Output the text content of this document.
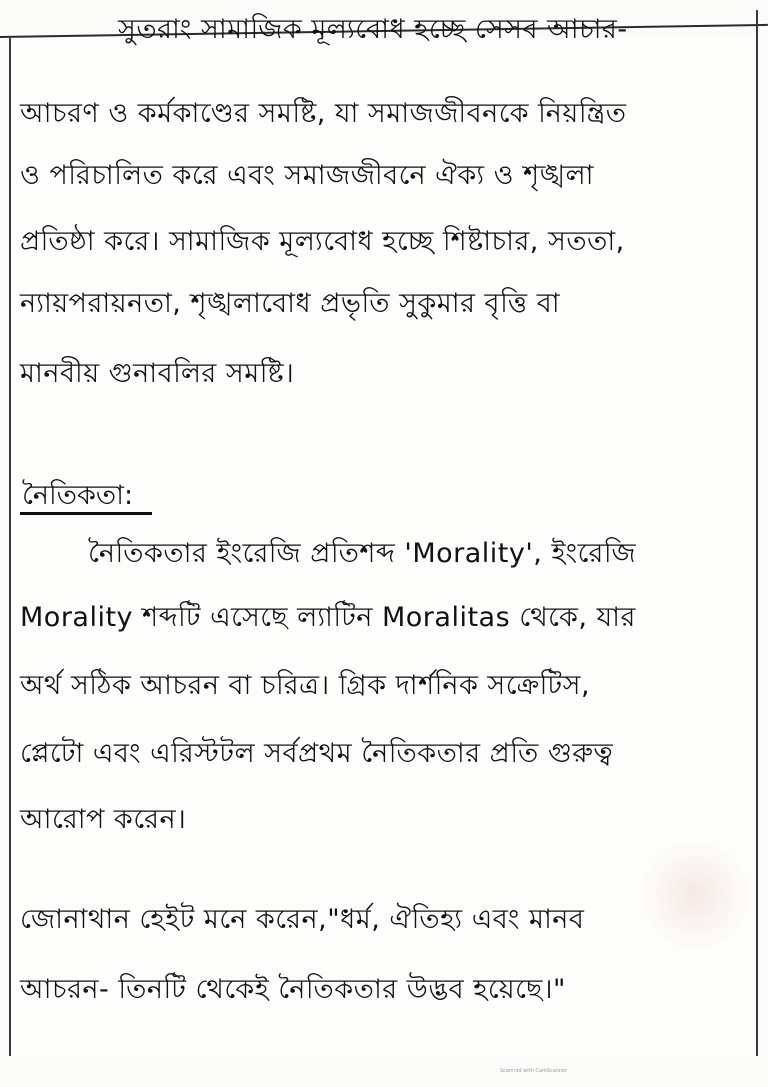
সুতরাং সামাজিক মূল্যবোধ হচ্ছে সেসব আচার-
আচরণ ও কর্মকাণ্ডের সমষ্টি, যা সমাজজীবনকে নিয়ন্ত্রিত
ও পরিচালিত করে এবং সমাজজীবনে ঐক্য ও শৃঙ্খলা
প্রতিষ্ঠা করে। সামাজিক মূল্যবোধ হচ্ছে শিষ্টাচার, সততা,
ন্যায়পরায়নতা, শৃঙ্খলাবোধ প্রভৃতি সুকুমার বৃত্তি বা
মানবীয় গুনাবলির সমষ্টি।
নৈতিকতা:
নৈতিকতার ইংরেজি প্রতিশব্দ 'Morality', ইংরেজি
Morality শব্দটি এসেছে ল্যাটিন Moralitas থেকে, যার
অর্থ সঠিক আচরন বা চরিত্র। গ্রিক দার্শনিক সক্রেটিস,
প্লেটো এবং এরিস্টটল সর্বপ্রথম নৈতিকতার প্রতি গুরুত্ব
আরোপ করেন।
জোনাথান হেইট মনে করেন,"ধর্ম, ঐতিহ্য এবং মানব
আচরন- তিনটি থেকেই নৈতিকতার উদ্ভব হয়েছে।"
Scanned with CamScanner
